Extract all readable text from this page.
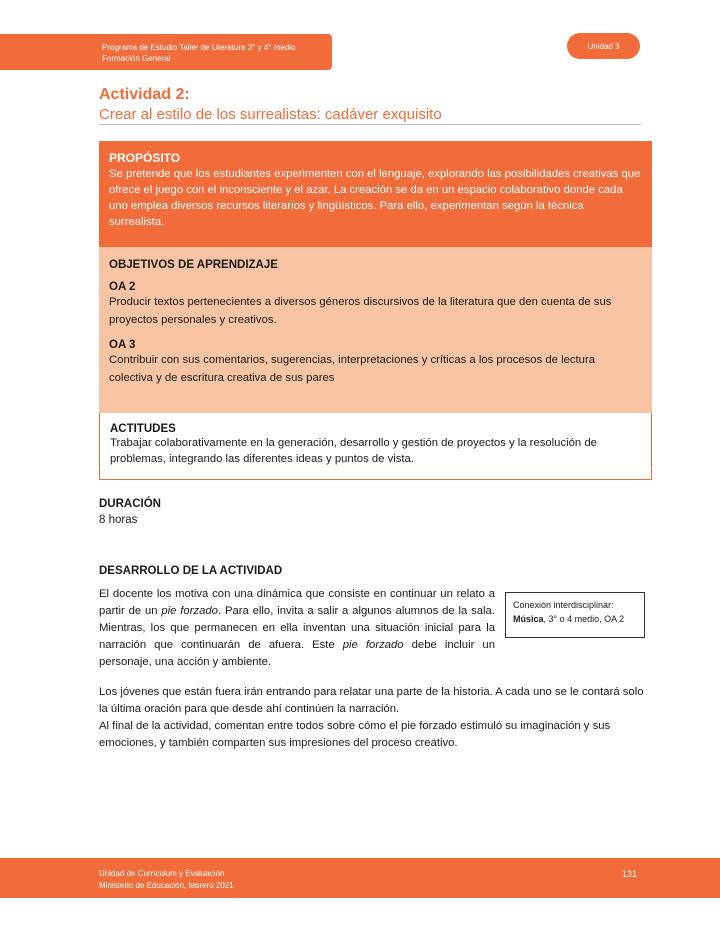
Programa de Estudio Taller de Literatura 3° y 4° medio
Formación General
Unidad 3
Actividad 2:
Crear al estilo de los surrealistas: cadáver exquisito
PROPÓSITO
Se pretende que los estudiantes experimenten con el lenguaje, explorando las posibilidades creativas que ofrece el juego con el inconsciente y el azar. La creación se da en un espacio colaborativo donde cada uno emplea diversos recursos literarios y lingüísticos. Para ello, experimentan según la técnica surrealista.
OBJETIVOS DE APRENDIZAJE
OA 2
Producir textos pertenecientes a diversos géneros discursivos de la literatura que den cuenta de sus proyectos personales y creativos.
OA 3
Contribuir con sus comentarios, sugerencias, interpretaciones y críticas a los procesos de lectura colectiva y de escritura creativa de sus pares
ACTITUDES
Trabajar colaborativamente en la generación, desarrollo y gestión de proyectos y la resolución de problemas, integrando las diferentes ideas y puntos de vista.
DURACIÓN
8 horas
DESARROLLO DE LA ACTIVIDAD
El docente los motiva con una dinámica que consiste en continuar un relato a partir de un pie forzado. Para ello, invita a salir a algunos alumnos de la sala. Mientras, los que permanecen en ella inventan una situación inicial para la narración que continuarán de afuera. Este pie forzado debe incluir un personaje, una acción y ambiente.
Conexión interdisciplinar:
Música, 3° o 4 medio, OA 2
Los jóvenes que están fuera irán entrando para relatar una parte de la historia. A cada uno se le contará solo la última oración para que desde ahí continúen la narración.
Al final de la actividad, comentan entre todos sobre cómo el pie forzado estimuló su imaginación y sus emociones, y también comparten sus impresiones del proceso creativo.
Unidad de Currículum y Evaluación
Ministerio de Educación, febrero 2021
131
